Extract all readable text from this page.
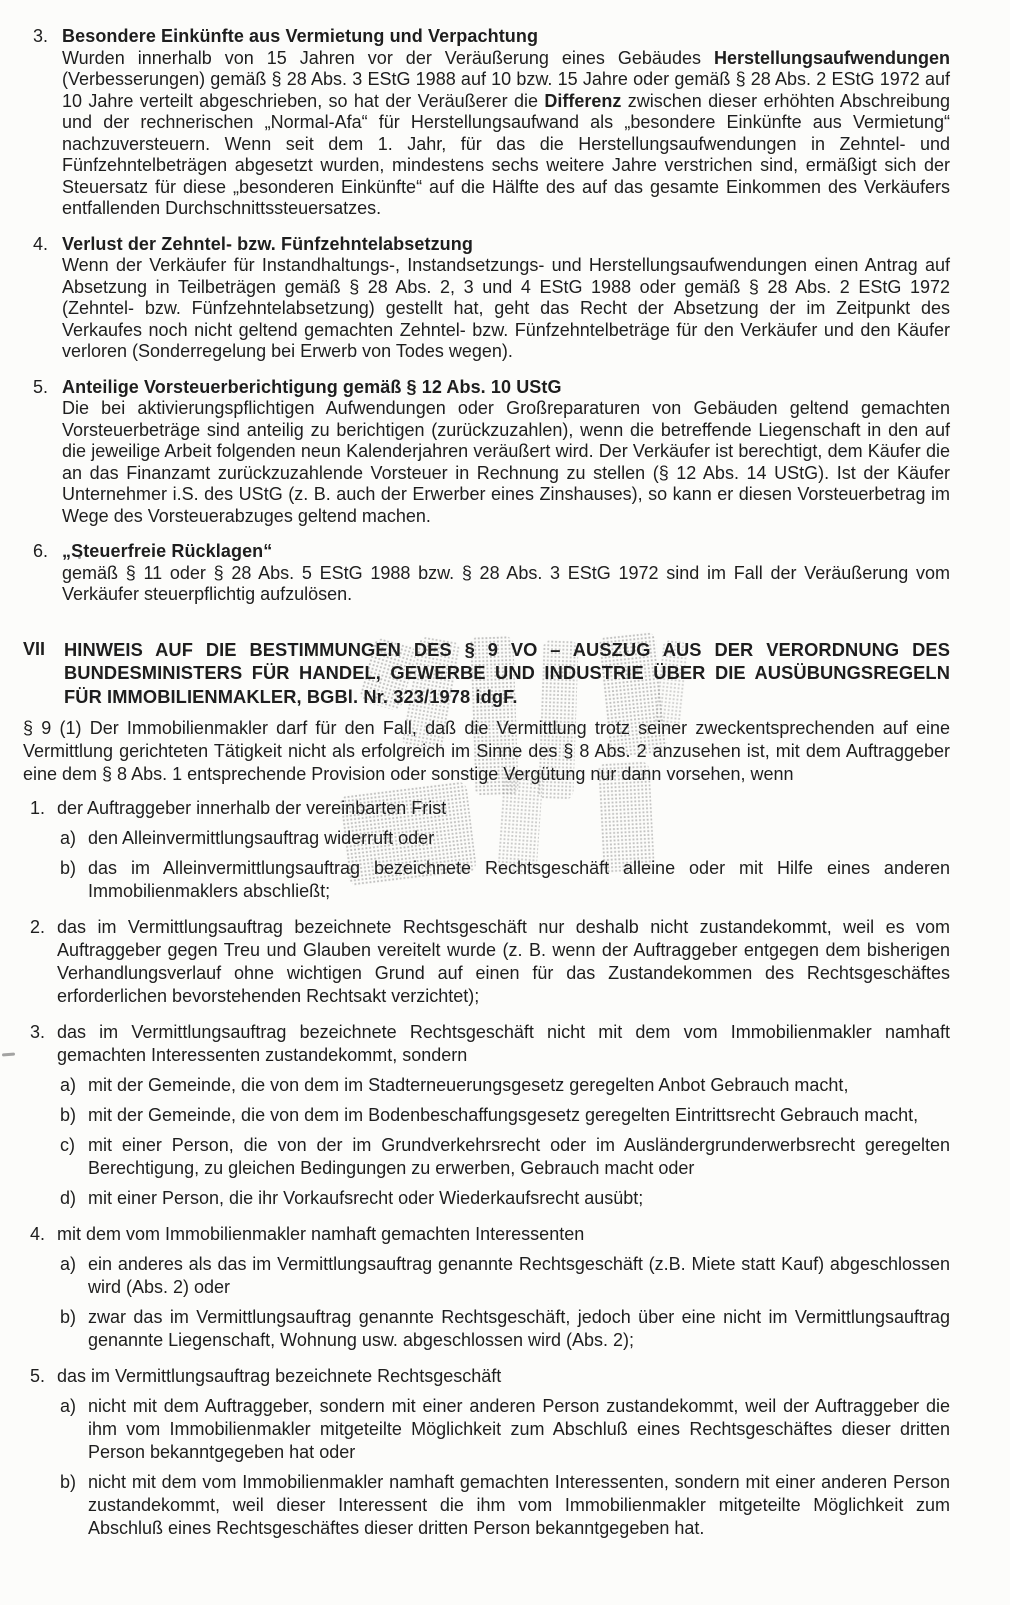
3. Besondere Einkünfte aus Vermietung und Verpachtung

Wurden innerhalb von 15 Jahren vor der Veräußerung eines Gebäudes Herstellungsaufwendungen (Verbesserungen) gemäß § 28 Abs. 3 EStG 1988 auf 10 bzw. 15 Jahre oder gemäß § 28 Abs. 2 EStG 1972 auf 10 Jahre verteilt abgeschrieben, so hat der Veräußerer die Differenz zwischen dieser erhöhten Abschreibung und der rechnerischen „Normal-Afa“ für Herstellungsaufwand als „besondere Einkünfte aus Vermietung“ nachzuversteuern. Wenn seit dem 1. Jahr, für das die Herstellungsaufwendungen in Zehntel- und Fünfzehntelbeträgen abgesetzt wurden, mindestens sechs weitere Jahre verstrichen sind, ermäßigt sich der Steuersatz für diese „besonderen Einkünfte“ auf die Hälfte des auf das gesamte Einkommen des Verkäufers entfallenden Durchschnittssteuersatzes.

4. Verlust der Zehntel- bzw. Fünfzehntelabsetzung

Wenn der Verkäufer für Instandhaltungs-, Instandsetzungs- und Herstellungsaufwendungen einen Antrag auf Absetzung in Teilbeträgen gemäß § 28 Abs. 2, 3 und 4 EStG 1988 oder gemäß § 28 Abs. 2 EStG 1972 (Zehntel- bzw. Fünfzehntelabsetzung) gestellt hat, geht das Recht der Absetzung der im Zeitpunkt des Verkaufes noch nicht geltend gemachten Zehntel- bzw. Fünfzehntelbeträge für den Verkäufer und den Käufer verloren (Sonderregelung bei Erwerb von Todes wegen).

5. Anteilige Vorsteuerberichtigung gemäß § 12 Abs. 10 UStG

Die bei aktivierungspflichtigen Aufwendungen oder Großreparaturen von Gebäuden geltend gemachten Vorsteuerbeträge sind anteilig zu berichtigen (zurückzuzahlen), wenn die betreffende Liegenschaft in den auf die jeweilige Arbeit folgenden neun Kalenderjahren veräußert wird. Der Verkäufer ist berechtigt, dem Käufer die an das Finanzamt zurückzuzahlende Vorsteuer in Rechnung zu stellen (§ 12 Abs. 14 UStG). Ist der Käufer Unternehmer i.S. des UStG (z. B. auch der Erwerber eines Zinshauses), so kann er diesen Vorsteuerbetrag im Wege des Vorsteuerabzuges geltend machen.

6. „Steuerfreie Rücklagen“

gemäß § 11 oder § 28 Abs. 5 EStG 1988 bzw. § 28 Abs. 3 EStG 1972 sind im Fall der Veräußerung vom Verkäufer steuerpflichtig aufzulösen.

VII	HINWEIS AUF DIE BESTIMMUNGEN DES § 9 VO – AUSZUG AUS DER VERORDNUNG DES BUNDESMINISTERS FÜR HANDEL, GEWERBE UND INDUSTRIE ÜBER DIE AUSÜBUNGSREGELN FÜR IMMOBILIENMAKLER, BGBl. Nr. 323/1978 idgF.

§ 9 (1) Der Immobilienmakler darf für den Fall, daß die Vermittlung trotz seiner zweckentsprechenden auf eine Vermittlung gerichteten Tätigkeit nicht als erfolgreich im Sinne des § 8 Abs. 2 anzusehen ist, mit dem Auftraggeber eine dem § 8 Abs. 1 entsprechende Provision oder sonstige Vergütung nur dann vorsehen, wenn

1. der Auftraggeber innerhalb der vereinbarten Frist

a) den Alleinvermittlungsauftrag widerruft oder

b) das im Alleinvermittlungsauftrag bezeichnete Rechtsgeschäft alleine oder mit Hilfe eines anderen Immobilienmaklers abschließt;

2. das im Vermittlungsauftrag bezeichnete Rechtsgeschäft nur deshalb nicht zustandekommt, weil es vom Auftraggeber gegen Treu und Glauben vereitelt wurde (z. B. wenn der Auftraggeber entgegen dem bisherigen Verhandlungsverlauf ohne wichtigen Grund auf einen für das Zustandekommen des Rechtsgeschäftes erforderlichen bevorstehenden Rechtsakt verzichtet);

3. das im Vermittlungsauftrag bezeichnete Rechtsgeschäft nicht mit dem vom Immobilienmakler namhaft gemachten Interessenten zustandekommt, sondern

a) mit der Gemeinde, die von dem im Stadterneuerungsgesetz geregelten Anbot Gebrauch macht,

b) mit der Gemeinde, die von dem im Bodenbeschaffungsgesetz geregelten Eintrittsrecht Gebrauch macht,

c) mit einer Person, die von der im Grundverkehrsrecht oder im Ausländergrunderwerbsrecht geregelten Berechtigung, zu gleichen Bedingungen zu erwerben, Gebrauch macht oder

d) mit einer Person, die ihr Vorkaufsrecht oder Wiederkaufsrecht ausübt;

4. mit dem vom Immobilienmakler namhaft gemachten Interessenten

a) ein anderes als das im Vermittlungsauftrag genannte Rechtsgeschäft (z.B. Miete statt Kauf) abgeschlossen wird (Abs. 2) oder

b) zwar das im Vermittlungsauftrag genannte Rechtsgeschäft, jedoch über eine nicht im Vermittlungsauftrag genannte Liegenschaft, Wohnung usw. abgeschlossen wird (Abs. 2);

5. das im Vermittlungsauftrag bezeichnete Rechtsgeschäft

a) nicht mit dem Auftraggeber, sondern mit einer anderen Person zustandekommt, weil der Auftraggeber die ihm vom Immobilienmakler mitgeteilte Möglichkeit zum Abschluß eines Rechtsgeschäftes dieser dritten Person bekanntgegeben hat oder

b) nicht mit dem vom Immobilienmakler namhaft gemachten Interessenten, sondern mit einer anderen Person zustandekommt, weil dieser Interessent die ihm vom Immobilienmakler mitgeteilte Möglichkeit zum Abschluß eines Rechtsgeschäftes dieser dritten Person bekanntgegeben hat.
